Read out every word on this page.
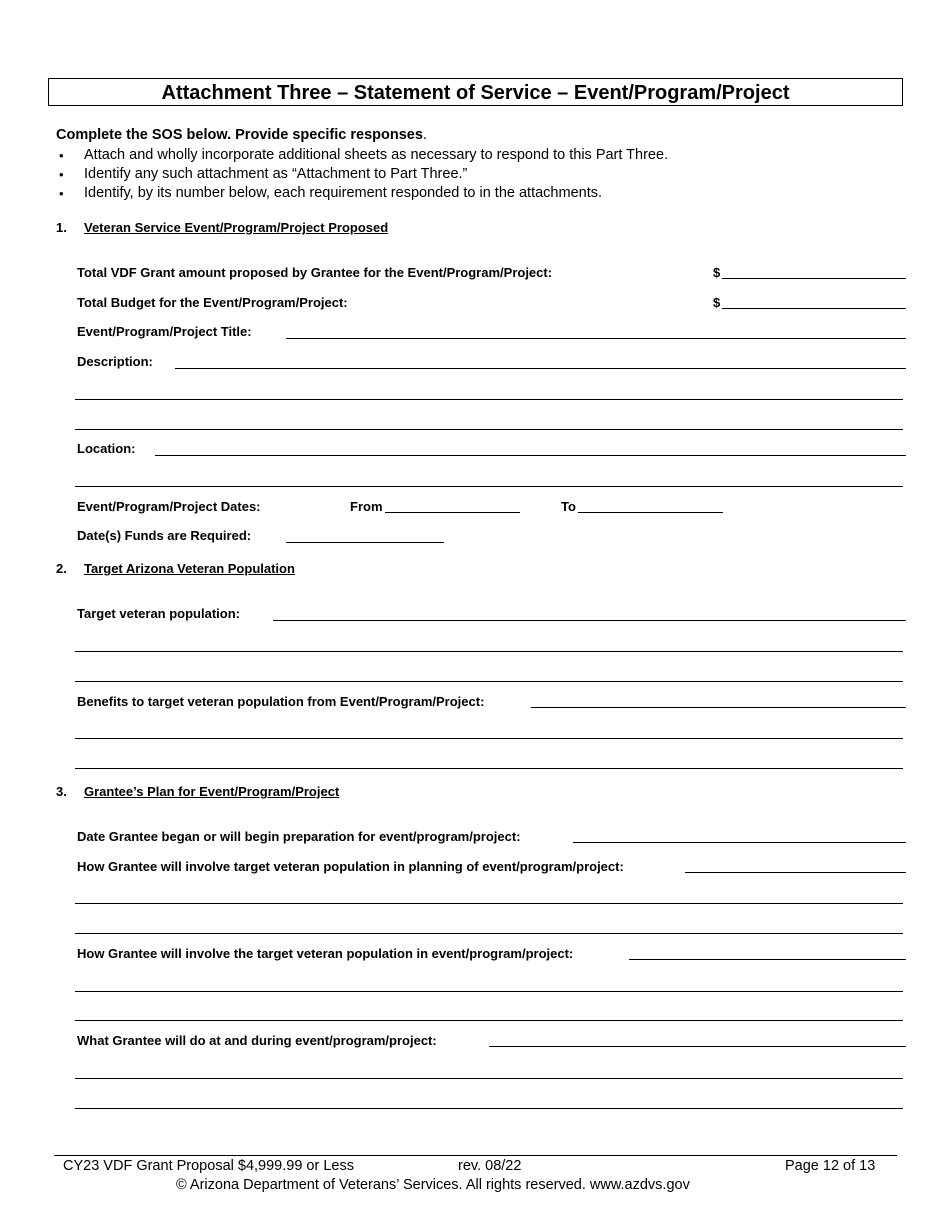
Attachment Three – Statement of Service – Event/Program/Project
Complete the SOS below. Provide specific responses.
• Attach and wholly incorporate additional sheets as necessary to respond to this Part Three.
• Identify any such attachment as “Attachment to Part Three.”
• Identify, by its number below, each requirement responded to in the attachments.
1. Veteran Service Event/Program/Project Proposed
Total VDF Grant amount proposed by Grantee for the Event/Program/Project:	$
Total Budget for the Event/Program/Project:	$
Event/Program/Project Title:
Description:
Location:
Event/Program/Project Dates:	From	To
Date(s) Funds are Required:
2. Target Arizona Veteran Population
Target veteran population:
Benefits to target veteran population from Event/Program/Project:
3. Grantee’s Plan for Event/Program/Project
Date Grantee began or will begin preparation for event/program/project:
How Grantee will involve target veteran population in planning of event/program/project:
How Grantee will involve the target veteran population in event/program/project:
What Grantee will do at and during event/program/project:
CY23 VDF Grant Proposal $4,999.99 or Less	rev. 08/22	Page 12 of 13
© Arizona Department of Veterans’ Services. All rights reserved. www.azdvs.gov
